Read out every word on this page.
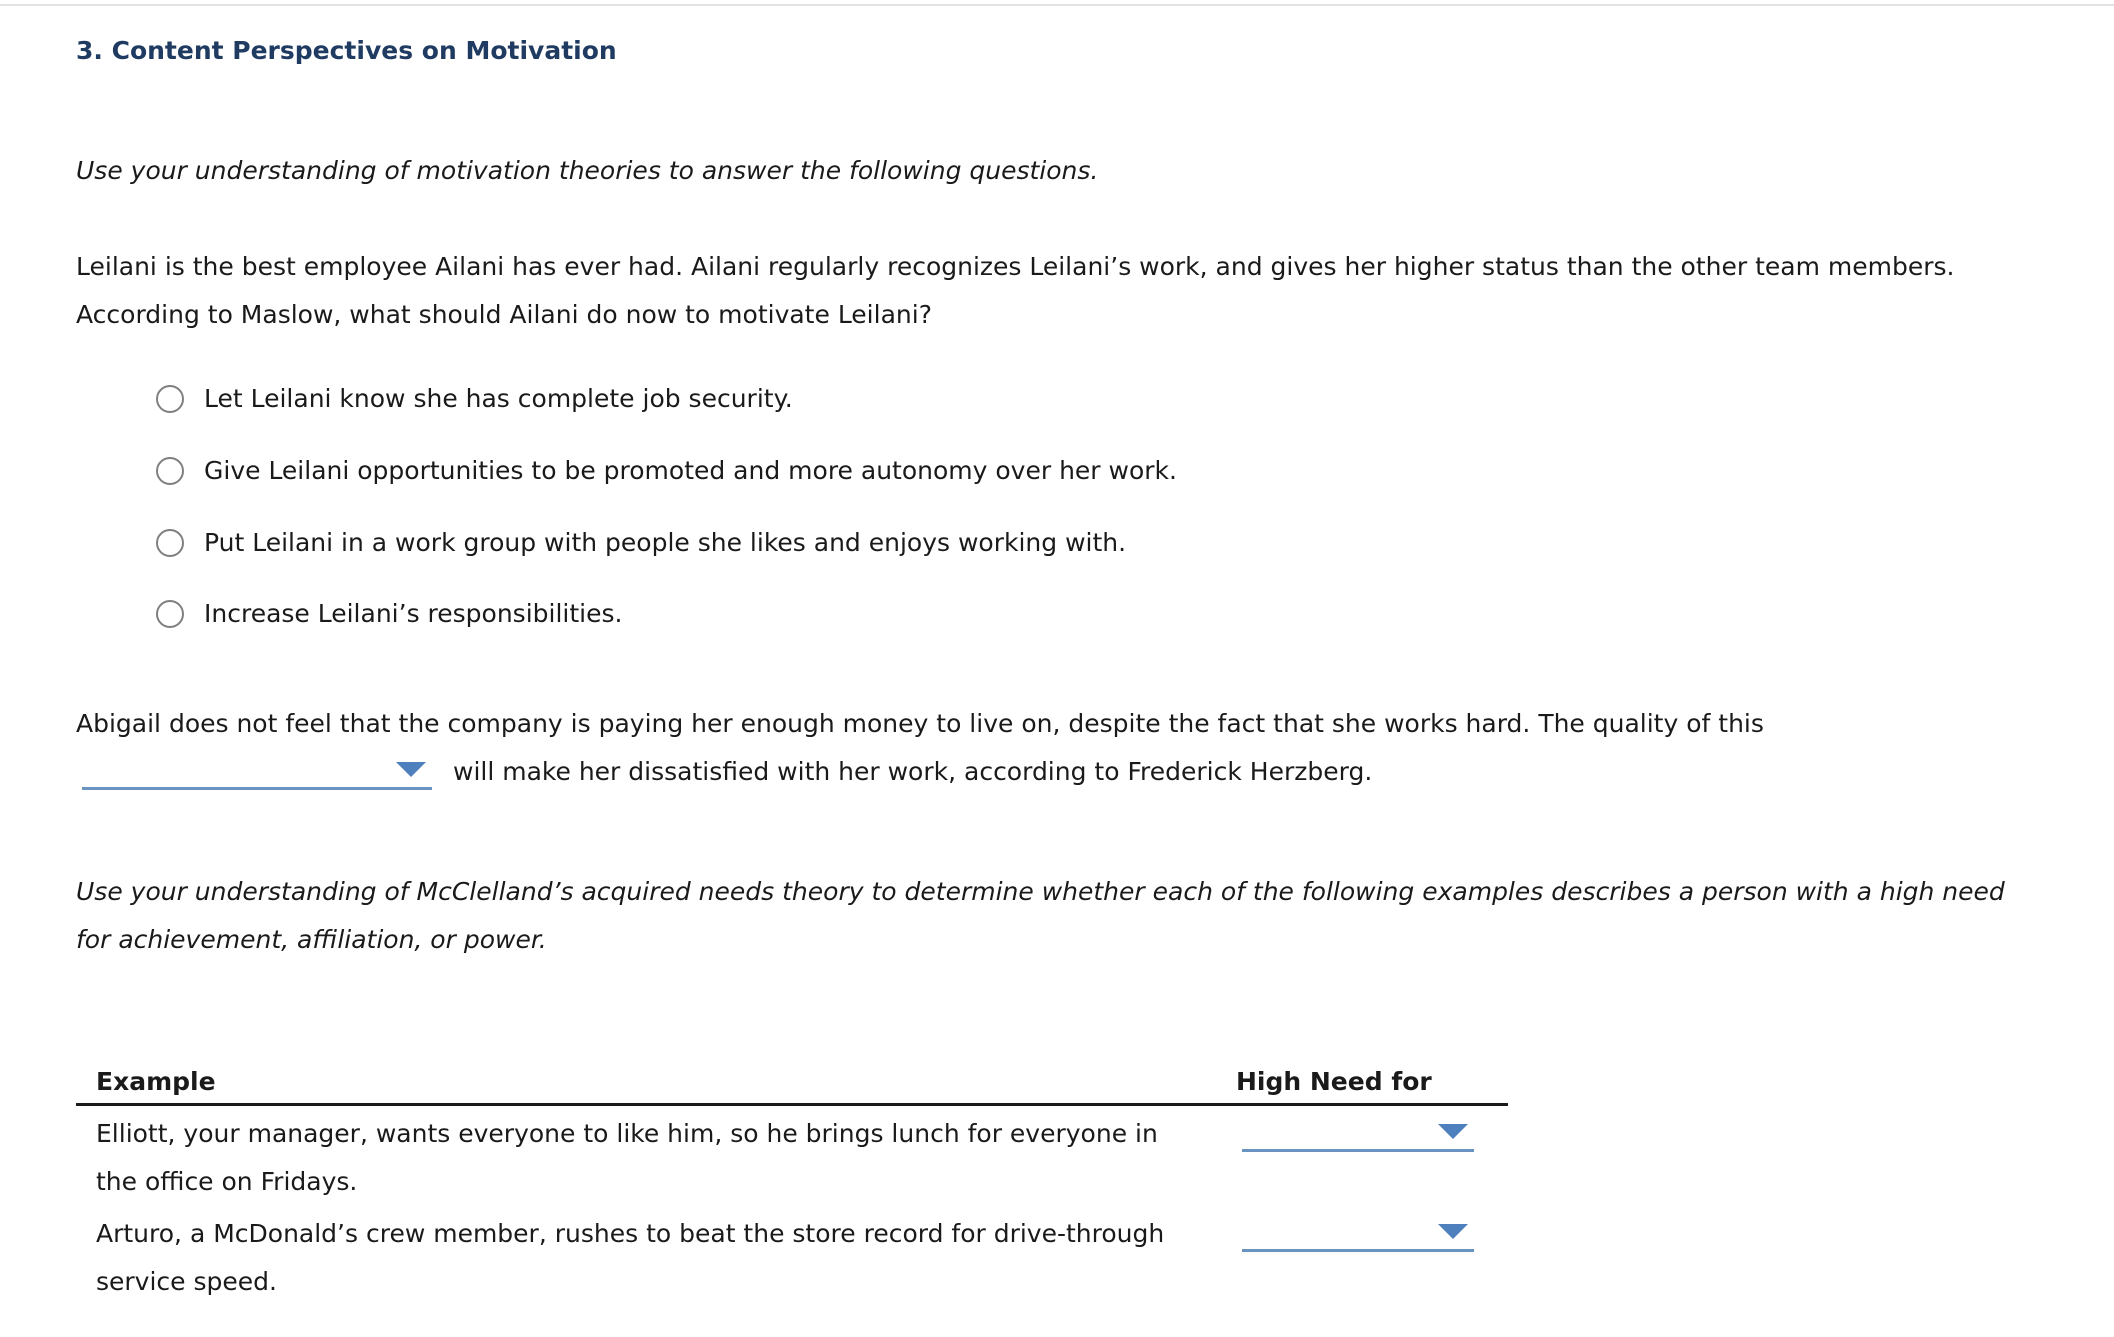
3. Content Perspectives on Motivation

Use your understanding of motivation theories to answer the following questions.

Leilani is the best employee Ailani has ever had. Ailani regularly recognizes Leilani’s work, and gives her higher status than the other team members. According to Maslow, what should Ailani do now to motivate Leilani?

Let Leilani know she has complete job security.
Give Leilani opportunities to be promoted and more autonomy over her work.
Put Leilani in a work group with people she likes and enjoys working with.
Increase Leilani’s responsibilities.

Abigail does not feel that the company is paying her enough money to live on, despite the fact that she works hard. The quality of this

will make her dissatisfied with her work, according to Frederick Herzberg.

Use your understanding of McClelland’s acquired needs theory to determine whether each of the following examples describes a person with a high need for achievement, affiliation, or power.

Example	High Need for

Elliott, your manager, wants everyone to like him, so he brings lunch for everyone in the office on Fridays.

Arturo, a McDonald’s crew member, rushes to beat the store record for drive-through service speed.
